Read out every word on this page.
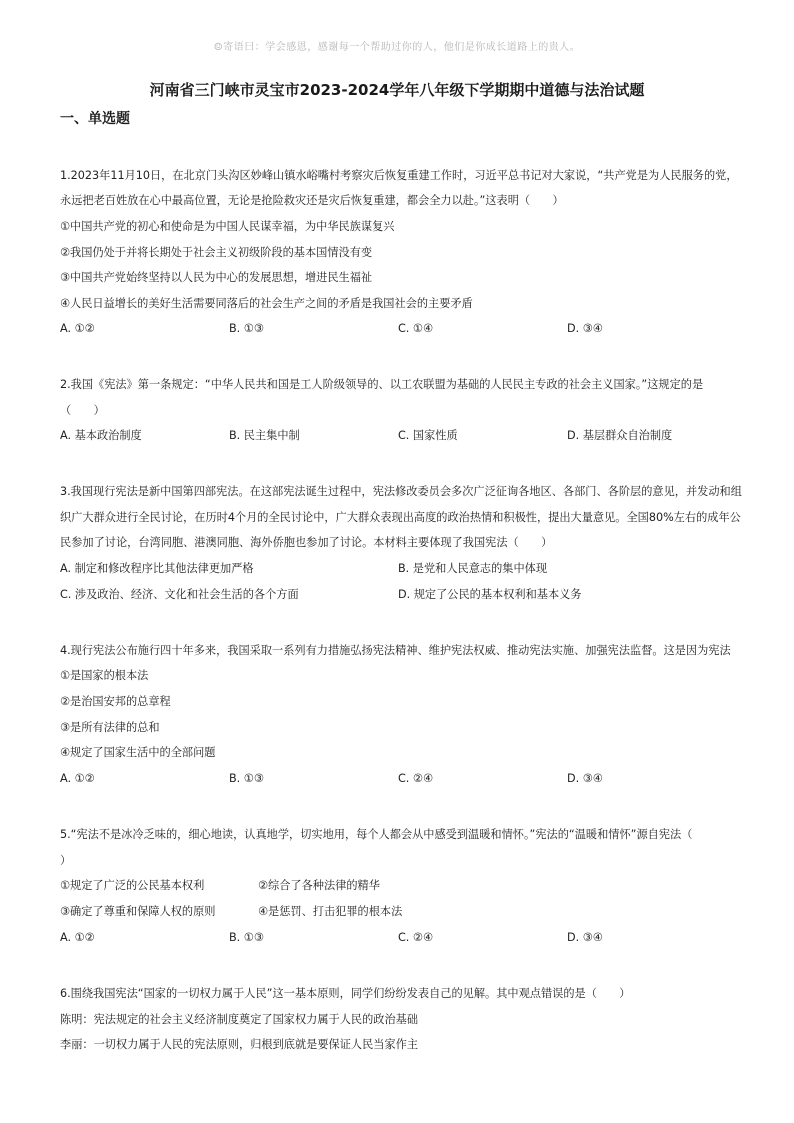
☺寄语曰：学会感恩，感谢每一个帮助过你的人，他们是你成长道路上的贵人。
河南省三门峡市灵宝市2023-2024学年八年级下学期期中道德与法治试题
一、单选题
1.2023年11月10日，在北京门头沟区妙峰山镇水峪嘴村考察灾后恢复重建工作时，习近平总书记对大家说，“共产党是为人民服务的党，
永远把老百姓放在心中最高位置，无论是抢险救灾还是灾后恢复重建，都会全力以赴。”这表明（　　）
①中国共产党的初心和使命是为中国人民谋幸福，为中华民族谋复兴
②我国仍处于并将长期处于社会主义初级阶段的基本国情没有变
③中国共产党始终坚持以人民为中心的发展思想，增进民生福祉
④人民日益增长的美好生活需要同落后的社会生产之间的矛盾是我国社会的主要矛盾
A. ①②	B. ①③	C. ①④	D. ③④
2.我国《宪法》第一条规定：“中华人民共和国是工人阶级领导的、以工农联盟为基础的人民民主专政的社会主义国家。”这规定的是
（　　）
A. 基本政治制度	B. 民主集中制	C. 国家性质	D. 基层群众自治制度
3.我国现行宪法是新中国第四部宪法。在这部宪法诞生过程中，宪法修改委员会多次广泛征询各地区、各部门、各阶层的意见，并发动和组
织广大群众进行全民讨论，在历时4个月的全民讨论中，广大群众表现出高度的政治热情和积极性，提出大量意见。全国80%左右的成年公
民参加了讨论，台湾同胞、港澳同胞、海外侨胞也参加了讨论。本材料主要体现了我国宪法（　　）
A. 制定和修改程序比其他法律更加严格	B. 是党和人民意志的集中体现
C. 涉及政治、经济、文化和社会生活的各个方面	D. 规定了公民的基本权利和基本义务
4.现行宪法公布施行四十年多来，我国采取一系列有力措施弘扬宪法精神、维护宪法权威、推动宪法实施、加强宪法监督。这是因为宪法
①是国家的根本法
②是治国安邦的总章程
③是所有法律的总和
④规定了国家生活中的全部问题
A. ①②	B. ①③	C. ②④	D. ③④
5.“宪法不是冰冷乏味的，细心地读，认真地学，切实地用，每个人都会从中感受到温暖和情怀。”宪法的“温暖和情怀”源自宪法（
）
①规定了广泛的公民基本权利	②综合了各种法律的精华
③确定了尊重和保障人权的原则	④是惩罚、打击犯罪的根本法
A. ①②	B. ①③	C. ②④	D. ③④
6.围绕我国宪法“国家的一切权力属于人民”这一基本原则，同学们纷纷发表自己的见解。其中观点错误的是（　　）
陈明：宪法规定的社会主义经济制度奠定了国家权力属于人民的政治基础
李丽：一切权力属于人民的宪法原则，归根到底就是要保证人民当家作主
